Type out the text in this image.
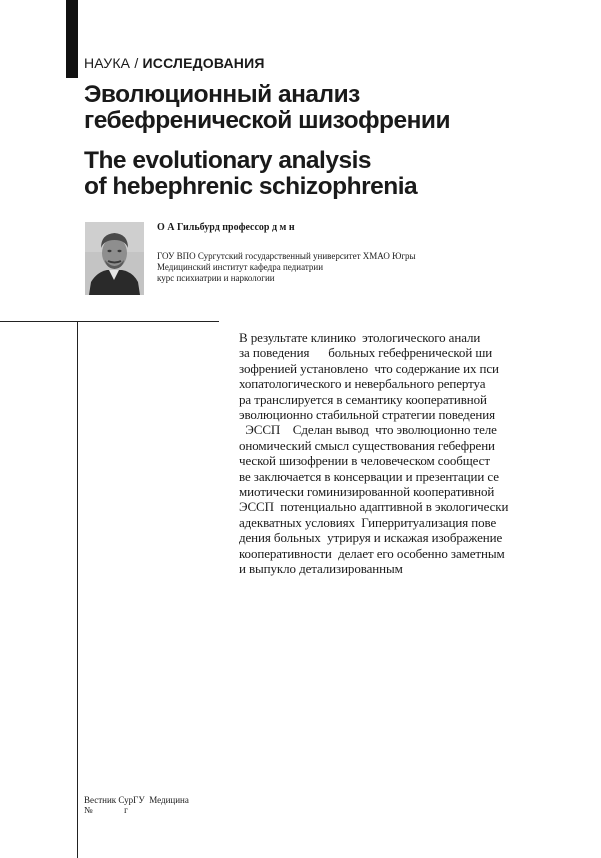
НАУКА / ИССЛЕДОВАНИЯ
Эволюционный анализ
гебефренической шизофрении
The evolutionary analysis
of hebephrenic schizophrenia
О А Гильбурд профессор д м н
ГОУ ВПО Сургутский государственный университет ХМАО Югры
Медицинский институт кафедра педиатрии
курс психиатрии и наркологии
В результате клинико  этологического анали
за поведения      больных гебефренической ши
зофренией установлено  что содержание их пси
хопатологического и невербального репертуа
ра транслируется в семантику кооперативной
эволюционно стабильной стратегии поведения
ЭССП    Сделан вывод  что эволюционно теле
ономический смысл существования гебефрени
ческой шизофрении в человеческом сообщест
ве заключается в консервации и презентации се
миотически гоминизированной кооперативной
ЭССП  потенциально адаптивной в экологически
адекватных условиях  Гиперритуализация пове
дения больных  утрируя и искажая изображение
кооперативности  делает его особенно заметным
и выпукло детализированным
Вестник СурГУ  Медицина
№              г
